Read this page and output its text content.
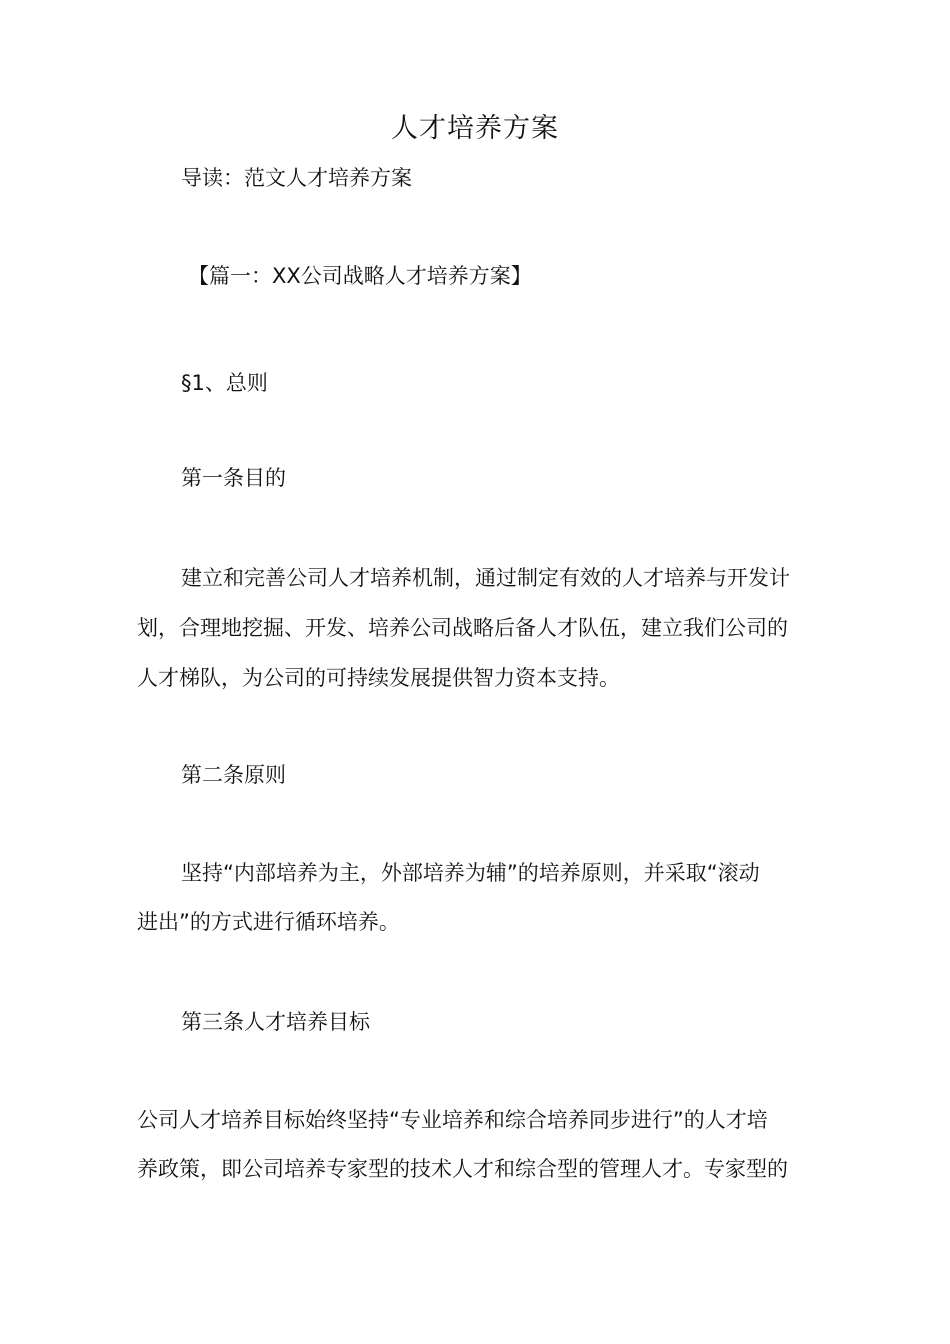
人才培养方案
导读：范文人才培养方案
【篇一：XX公司战略人才培养方案】
§1、总则
第一条目的
建立和完善公司人才培养机制，通过制定有效的人才培养与开发计
划，合理地挖掘、开发、培养公司战略后备人才队伍，建立我们公司的
人才梯队，为公司的可持续发展提供智力资本支持。
第二条原则
坚持“内部培养为主，外部培养为辅”的培养原则，并采取“滚动
进出”的方式进行循环培养。
第三条人才培养目标
公司人才培养目标始终坚持“专业培养和综合培养同步进行”的人才培
养政策，即公司培养专家型的技术人才和综合型的管理人才。专家型的
